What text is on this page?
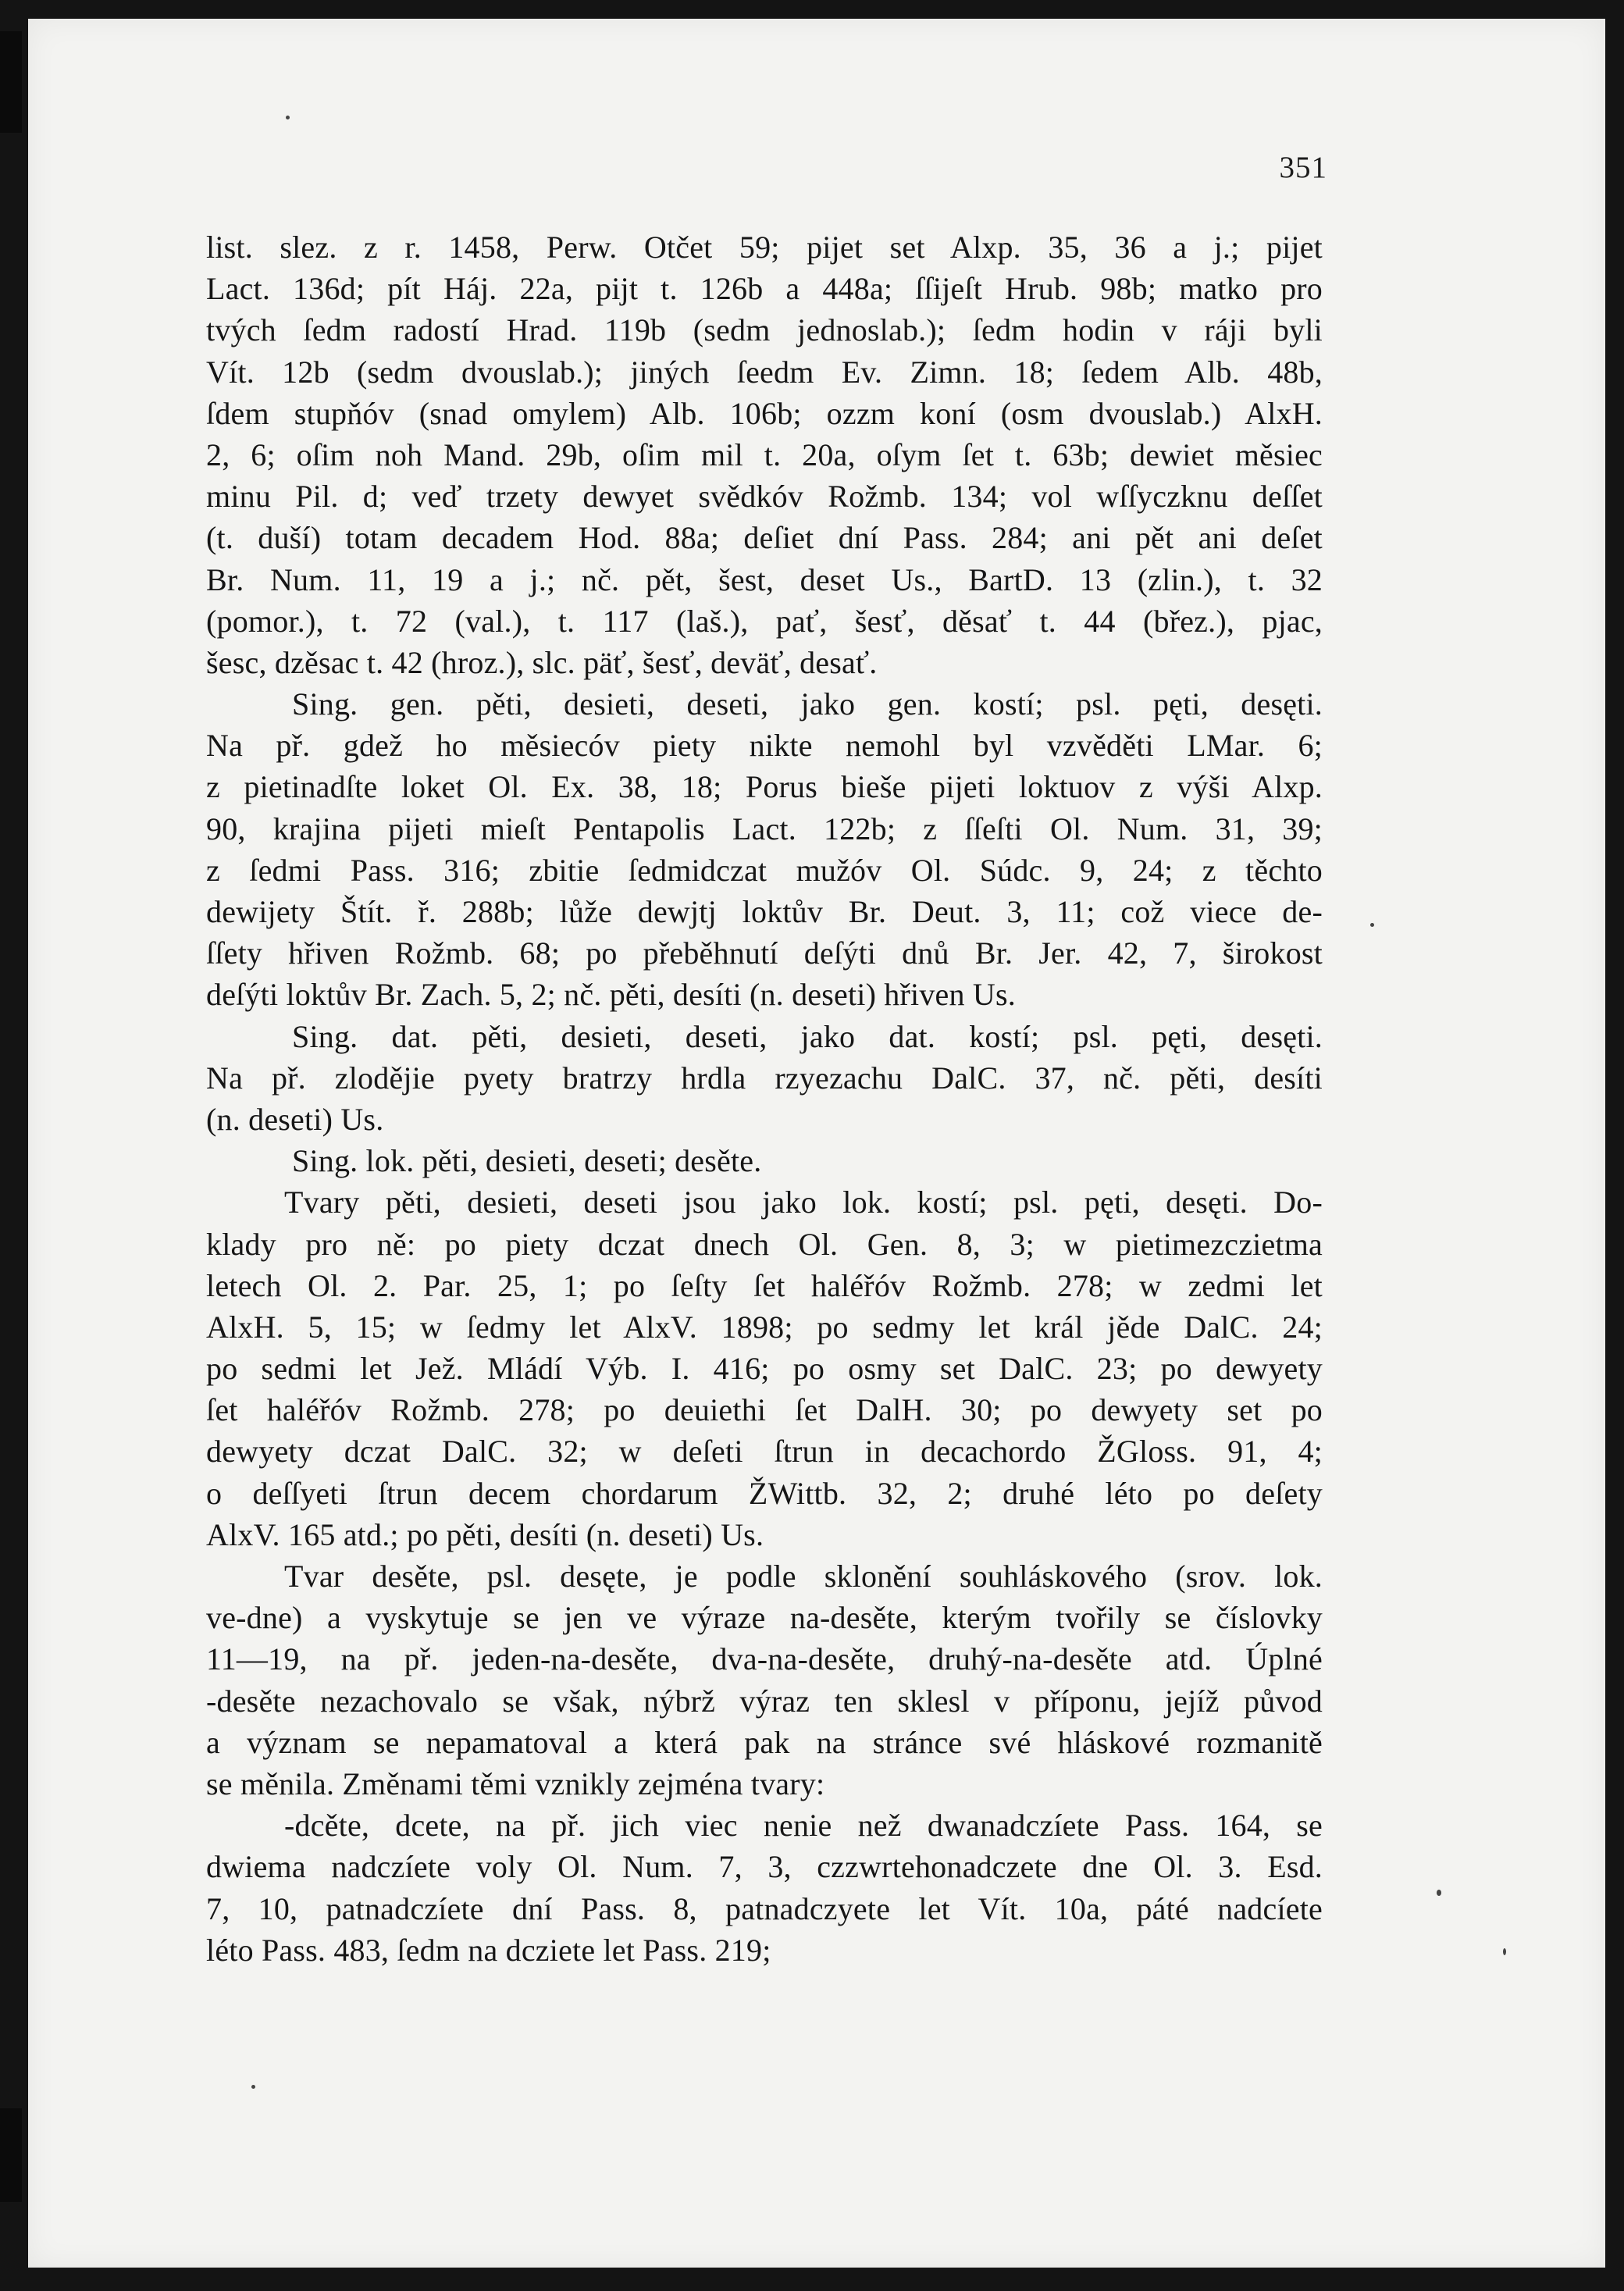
351
list. slez. z r. 1458, Perw. Otčet 59; pijet set Alxp. 35, 36 a j.; pijet
Lact. 136d; pít Háj. 22a, pijt t. 126b a 448a; ſſijeſt Hrub. 98b; matko pro
tvých ſedm radostí Hrad. 119b (sedm jednoslab.); ſedm hodin v ráji byli
Vít. 12b (sedm dvouslab.); jiných ſeedm Ev. Zimn. 18; ſedem Alb. 48b,
ſdem stupňóv (snad omylem) Alb. 106b; ozzm koní (osm dvouslab.) AlxH.
2, 6; oſim noh Mand. 29b, oſim mil t. 20a, oſym ſet t. 63b; dewiet měsiec
minu Pil. d; veď trzety dewyet svědkóv Rožmb. 134; vol wſſyczknu deſſet
(t. duší) totam decadem Hod. 88a; deſiet dní Pass. 284; ani pět ani deſet
Br. Num. 11, 19 a j.; nč. pět, šest, deset Us., BartD. 13 (zlin.), t. 32
(pomor.), t. 72 (val.), t. 117 (laš.), pať, šesť, děsať t. 44 (břez.), pjac,
šesc, dzěsac t. 42 (hroz.), slc. päť, šesť, deväť, desať.
Sing. gen. pěti, desieti, deseti, jako gen. kostí; psl. pęti, desęti.
Na př. gdež ho měsiecóv piety nikte nemohl byl vzvěděti LMar. 6;
z pietinadſte loket Ol. Ex. 38, 18; Porus bieše pijeti loktuov z výši Alxp.
90, krajina pijeti mieſt Pentapolis Lact. 122b; z ſſeſti Ol. Num. 31, 39;
z ſedmi Pass. 316; zbitie ſedmidczat mužóv Ol. Súdc. 9, 24; z těchto
dewijety Štít. ř. 288b; lůže dewjtj loktův Br. Deut. 3, 11; což viece de-
ſſety hřiven Rožmb. 68; po přeběhnutí deſýti dnů Br. Jer. 42, 7, širokost
deſýti loktův Br. Zach. 5, 2; nč. pěti, desíti (n. deseti) hřiven Us.
Sing. dat. pěti, desieti, deseti, jako dat. kostí; psl. pęti, desęti.
Na př. zlodějie pyety bratrzy hrdla rzyezachu DalC. 37, nč. pěti, desíti
(n. deseti) Us.
Sing. lok. pěti, desieti, deseti; desěte.
Tvary pěti, desieti, deseti jsou jako lok. kostí; psl. pęti, desęti. Do-
klady pro ně: po piety dczat dnech Ol. Gen. 8, 3; w pietimezczietma
letech Ol. 2. Par. 25, 1; po ſeſty ſet haléřóv Rožmb. 278; w zedmi let
AlxH. 5, 15; w ſedmy let AlxV. 1898; po sedmy let král jěde DalC. 24;
po sedmi let Jež. Mládí Výb. I. 416; po osmy set DalC. 23; po dewyety
ſet haléřóv Rožmb. 278; po deuiethi ſet DalH. 30; po dewyety set po
dewyety dczat DalC. 32; w deſeti ſtrun in decachordo ŽGloss. 91, 4;
o deſſyeti ſtrun decem chordarum ŽWittb. 32, 2; druhé léto po deſety
AlxV. 165 atd.; po pěti, desíti (n. deseti) Us.
Tvar desěte, psl. desęte, je podle sklonění souhláskového (srov. lok.
ve-dne) a vyskytuje se jen ve výraze na-desěte, kterým tvořily se číslovky
11—19, na př. jeden-na-desěte, dva-na-desěte, druhý-na-desěte atd. Úplné
-desěte nezachovalo se však, nýbrž výraz ten sklesl v příponu, jejíž původ
a význam se nepamatoval a která pak na stránce své hláskové rozmanitě
se měnila. Změnami těmi vznikly zejména tvary:
-dcěte, dcete, na př. jich viec nenie než dwanadczíete Pass. 164, se
dwiema nadczíete voly Ol. Num. 7, 3, czzwrtehonadczete dne Ol. 3. Esd.
7, 10, patnadczíete dní Pass. 8, patnadczyete let Vít. 10a, páté nadcíete
léto Pass. 483, ſedm na dcziete let Pass. 219;
